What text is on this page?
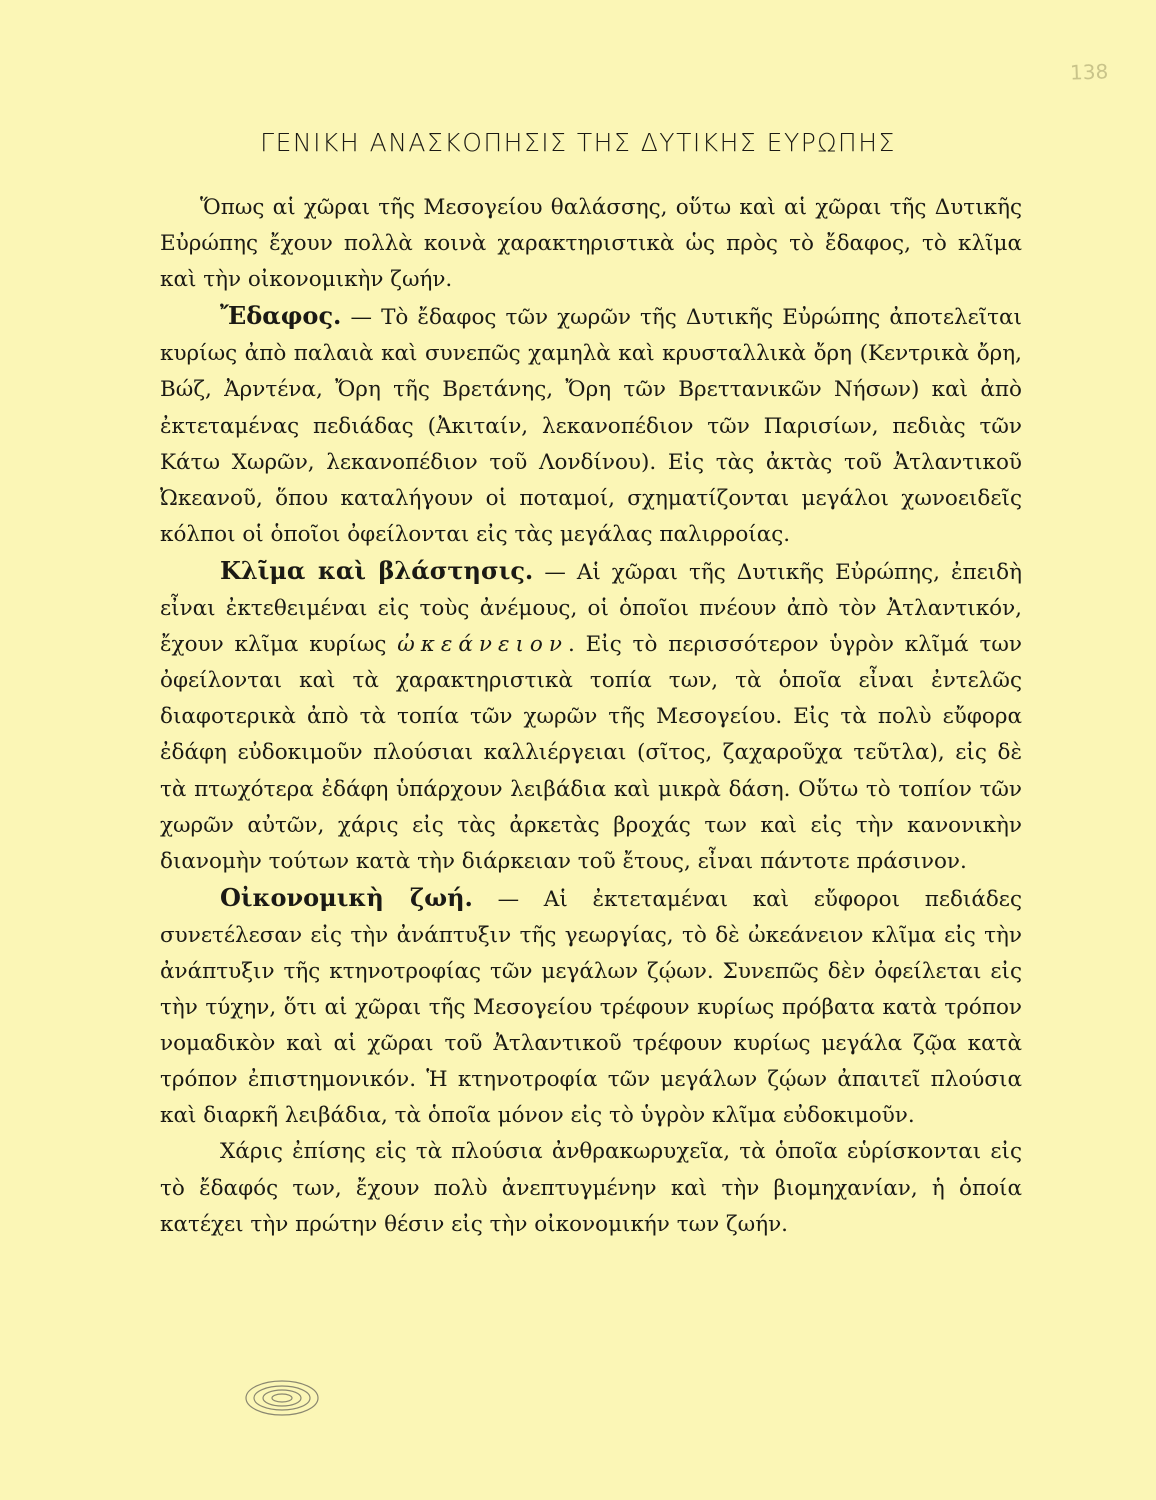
138
ΓΕΝΙΚΗ ΑΝΑΣΚΟΠΗΣΙΣ ΤΗΣ ΔΥΤΙΚΗΣ ΕΥΡΩΠΗΣ

Ὅπως αἱ χῶραι τῆς Μεσογείου θαλάσσης, οὕτω καὶ αἱ χῶραι τῆς Δυτικῆς Εὐρώπης ἔχουν πολλὰ κοινὰ χαρακτηριστικὰ ὡς πρὸς τὸ ἔδαφος, τὸ κλῖμα καὶ τὴν οἰκονομικὴν ζωήν.

Ἔδαφος. — Τὸ ἔδαφος τῶν χωρῶν τῆς Δυτικῆς Εὐρώπης ἀποτελεῖται κυρίως ἀπὸ παλαιὰ καὶ συνεπῶς χαμηλὰ καὶ κρυσταλλικὰ ὄρη (Κεντρικὰ ὄρη, Βώζ, Ἀρντένα, Ὄρη τῆς Βρετάνης, Ὄρη τῶν Βρεττανικῶν Νήσων) καὶ ἀπὸ ἐκτεταμένας πεδιάδας (Ἀκιταίν, λεκανοπέδιον τῶν Παρισίων, πεδιὰς τῶν Κάτω Χωρῶν, λεκανοπέδιον τοῦ Λονδίνου). Εἰς τὰς ἀκτὰς τοῦ Ἀτλαντικοῦ Ὠκεανοῦ, ὅπου καταλήγουν οἱ ποταμοί, σχηματίζονται μεγάλοι χωνοειδεῖς κόλποι οἱ ὁποῖοι ὀφείλονται εἰς τὰς μεγάλας παλιρροίας.

Κλῖμα καὶ βλάστησις. — Αἱ χῶραι τῆς Δυτικῆς Εὐρώπης, ἐπειδὴ εἶναι ἐκτεθειμέναι εἰς τοὺς ἀνέμους, οἱ ὁποῖοι πνέουν ἀπὸ τὸν Ἀτλαντικόν, ἔχουν κλῖμα κυρίως ὠκεάνειον. Εἰς τὸ περισσότερον ὑγρὸν κλῖμά των ὀφείλονται καὶ τὰ χαρακτηριστικὰ τοπία των, τὰ ὁποῖα εἶναι ἐντελῶς διαφοτερικὰ ἀπὸ τὰ τοπία τῶν χωρῶν τῆς Μεσογείου. Εἰς τὰ πολὺ εὔφορα ἐδάφη εὐδοκιμοῦν πλούσιαι καλλιέργειαι (σῖτος, ζαχαροῦχα τεῦτλα), εἰς δὲ τὰ πτωχότερα ἐδάφη ὑπάρχουν λειβάδια καὶ μικρὰ δάση. Οὕτω τὸ τοπίον τῶν χωρῶν αὐτῶν, χάρις εἰς τὰς ἀρκετὰς βροχάς των καὶ εἰς τὴν κανονικὴν διανομὴν τούτων κατὰ τὴν διάρκειαν τοῦ ἔτους, εἶναι πάντοτε πράσινον.

Οἰκονομικὴ ζωή. — Αἱ ἐκτεταμέναι καὶ εὔφοροι πεδιάδες συνετέλεσαν εἰς τὴν ἀνάπτυξιν τῆς γεωργίας, τὸ δὲ ὠκεάνειον κλῖμα εἰς τὴν ἀνάπτυξιν τῆς κτηνοτροφίας τῶν μεγάλων ζῴων. Συνεπῶς δὲν ὀφείλεται εἰς τὴν τύχην, ὅτι αἱ χῶραι τῆς Μεσογείου τρέφουν κυρίως πρόβατα κατὰ τρόπον νομαδικὸν καὶ αἱ χῶραι τοῦ Ἀτλαντικοῦ τρέφουν κυρίως μεγάλα ζῷα κατὰ τρόπον ἐπιστημονικόν. Ἡ κτηνοτροφία τῶν μεγάλων ζῴων ἀπαιτεῖ πλούσια καὶ διαρκῆ λειβάδια, τὰ ὁποῖα μόνον εἰς τὸ ὑγρὸν κλῖμα εὐδοκιμοῦν.

Χάρις ἐπίσης εἰς τὰ πλούσια ἀνθρακωρυχεῖα, τὰ ὁποῖα εὑρίσκονται εἰς τὸ ἔδαφός των, ἔχουν πολὺ ἀνεπτυγμένην καὶ τὴν βιομηχανίαν, ἡ ὁποία κατέχει τὴν πρώτην θέσιν εἰς τὴν οἰκονομικήν των ζωήν.
